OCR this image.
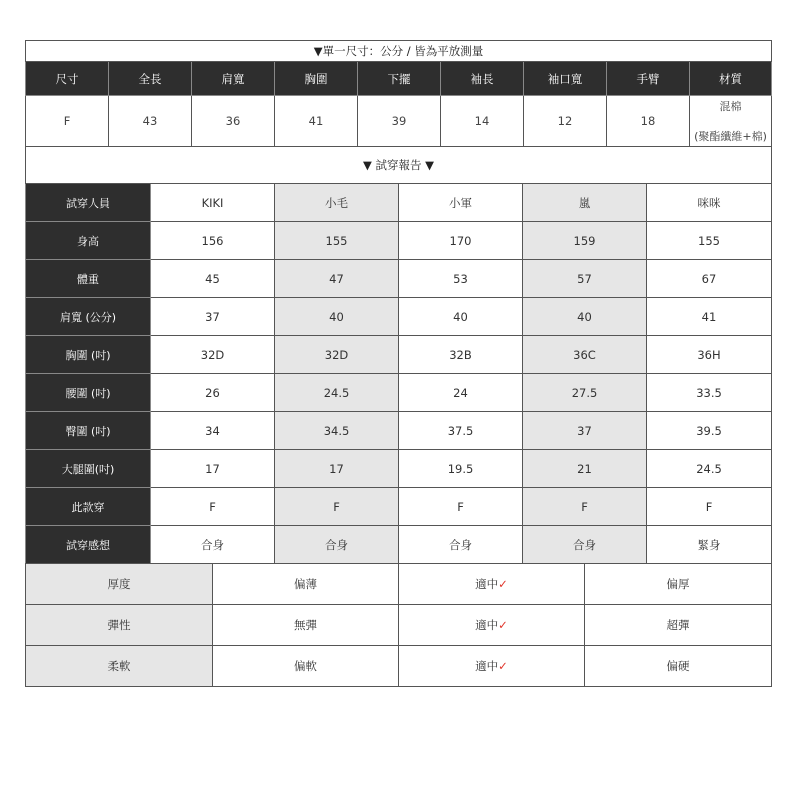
▼單一尺寸：公分 / 皆為平放測量								
尺寸	全長	肩寬	胸圍	下擺	袖長	袖口寬	手臂	材質
F	43	36	41	39	14	12	18	混棉
(聚酯纖維+棉)
▼ 試穿報告 ▼					
試穿人員	KIKI	小毛	小軍	嵐	咪咪
身高	156	155	170	159	155
體重	45	47	53	57	67
肩寬 (公分)	37	40	40	40	41
胸圍 (吋)	32D	32D	32B	36C	36H
腰圍 (吋)	26	24.5	24	27.5	33.5
臀圍 (吋)	34	34.5	37.5	37	39.5
大腿圍(吋)	17	17	19.5	21	24.5
此款穿	F	F	F	F	F
試穿感想	合身	合身	合身	合身	緊身
厚度	偏薄	適中✓	偏厚
彈性	無彈	適中✓	超彈
柔軟	偏軟	適中✓	偏硬
